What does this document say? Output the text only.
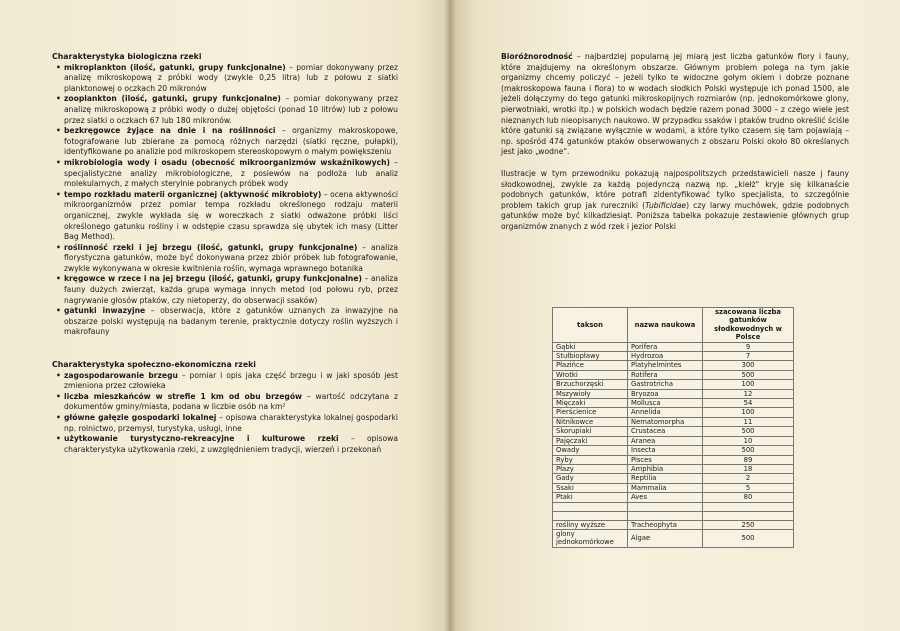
Charakterystyka biologiczna rzeki
• mikroplankton (ilość, gatunki, grupy funkcjonalne) – pomiar dokonywany przez analizę mikroskopową z próbki wody (zwykle 0,25 litra) lub z połowu z siatki planktonowej o oczkach 20 mikronów
• zooplankton (ilość, gatunki, grupy funkcjonalne) – pomiar dokonywany przez analizę mikroskopową z próbki wody o dużej objętości (ponad 10 litrów) lub z połowu przez siatki o oczkach 67 lub 180 mikronów.
• bezkręgowce żyjące na dnie i na roślinności – organizmy makroskopowe, fotografowane lub zbierane za pomocą różnych narzędzi (siatki ręczne, pułapki), identyfikowane po analizie pod mikroskopem stereoskopowym o małym powiększeniu
• mikrobiologia wody i osadu (obecność mikroorganizmów wskaźnikowych) – specjalistyczne analizy mikrobiologiczne, z posiewów na podłoża lub analiz molekularnych, z małych sterylnie pobranych próbek wody
• tempo rozkładu materii organicznej (aktywność mikrobioty) – ocena aktywności mikroorganizmów przez pomiar tempa rozkładu określonego rodzaju materii organicznej, zwykle wykłada się w woreczkach z siatki odważone próbki liści określonego gatunku rośliny i w odstępie czasu sprawdza się ubytek ich masy (Litter Bag Method).
• roślinność rzeki i jej brzegu (ilość, gatunki, grupy funkcjonalne) – analiza florystyczna gatunków, może być dokonywana przez zbiór próbek lub fotografowanie, zwykle wykonywana w okresie kwitnienia roślin, wymaga wprawnego botanika
• kręgowce w rzece i na jej brzegu (ilość, gatunki, grupy funkcjonalne) – analiza fauny dużych zwierząt, każda grupa wymaga innych metod (od połowu ryb, przez nagrywanie głosów ptaków, czy nietoperzy, do obserwacji ssaków)
• gatunki inwazyjne – obserwacja, które z gatunków uznanych za inwazyjne na obszarze polski występują na badanym terenie, praktycznie dotyczy roślin wyższych i makrofauny
Charakterystyka społeczno-ekonomiczna rzeki
• zagospodarowanie brzegu – pomiar i opis jaka część brzegu i w jaki sposób jest zmieniona przez człowieka
• liczba mieszkańców w strefie 1 km od obu brzegów – wartość odczytana z dokumentów gminy/miasta, podana w liczbie osób na km²
• główne gałęzie gospodarki lokalnej – opisowa charakterystyka lokalnej gospodarki np. rolnictwo, przemysł, turystyka, usługi, inne
• użytkowanie turystyczno-rekreacyjne i kulturowe rzeki – opisowa charakterystyka użytkowania rzeki, z uwzględnieniem tradycji, wierzeń i przekonań

Bioróżnorodność – najbardziej popularną jej miarą jest liczba gatunków flory i fauny, które znajdujemy na określonym obszarze. Głównym problem polega na tym jakie organizmy chcemy policzyć – jeżeli tylko te widoczne gołym okiem i dobrze poznane (makroskopowa fauna i flora) to w wodach słodkich Polski występuje ich ponad 1500, ale jeżeli dołączymy do tego gatunki mikroskopijnych rozmiarów (np. jednokomórkowe glony, pierwotniaki, wrotki itp.) w polskich wodach będzie razem ponad 3000 – z czego wiele jest nieznanych lub nieopisanych naukowo. W przypadku ssaków i ptaków trudno określić ściśle które gatunki są związane wyłącznie w wodami, a które tylko czasem się tam pojawiają – np. spośród 474 gatunków ptaków obserwowanych z obszaru Polski około 80 określanych jest jako „wodne".

Ilustracje w tym przewodniku pokazują najpospolitszych przedstawicieli nasze j fauny słodkowodnej, zwykle za każdą pojedynczą nazwą np. „kiełż" kryje się kilkanaście podobnych gatunków, które potrafi zidentyfikować tylko specjalista, to szczególnie problem takich grup jak rureczniki (Tubificidae) czy larwy muchówek, gdzie podobnych gatunków może być kilkadziesiąt. Poniższa tabelka pokazuje zestawienie głównych grup organizmów znanych z wód rzek i jezior Polski

takson	nazwa naukowa	szacowana liczba gatunków słodkowodnych w Polsce
Gąbki	Porifera	9
Stułbiopławy	Hydrozoa	7
Płazińce	Platyhelmintes	300
Wrotki	Rotifera	500
Brzuchorzęski	Gastrotricha	100
Mszywioły	Bryozoa	12
Mięczaki	Mollusca	54
Pierścienice	Annelida	100
Nitnikowce	Nematomorpha	11
Skorupiaki	Crustacea	500
Pajęczaki	Aranea	10
Owady	Insecta	500
Ryby	Pisces	89
Płazy	Amphibia	18
Gady	Reptilia	2
Ssaki	Mammalia	5
Ptaki	Aves	80

rośliny wyższe	Tracheophyta	250
glony jednokomórkowe	Algae	500
